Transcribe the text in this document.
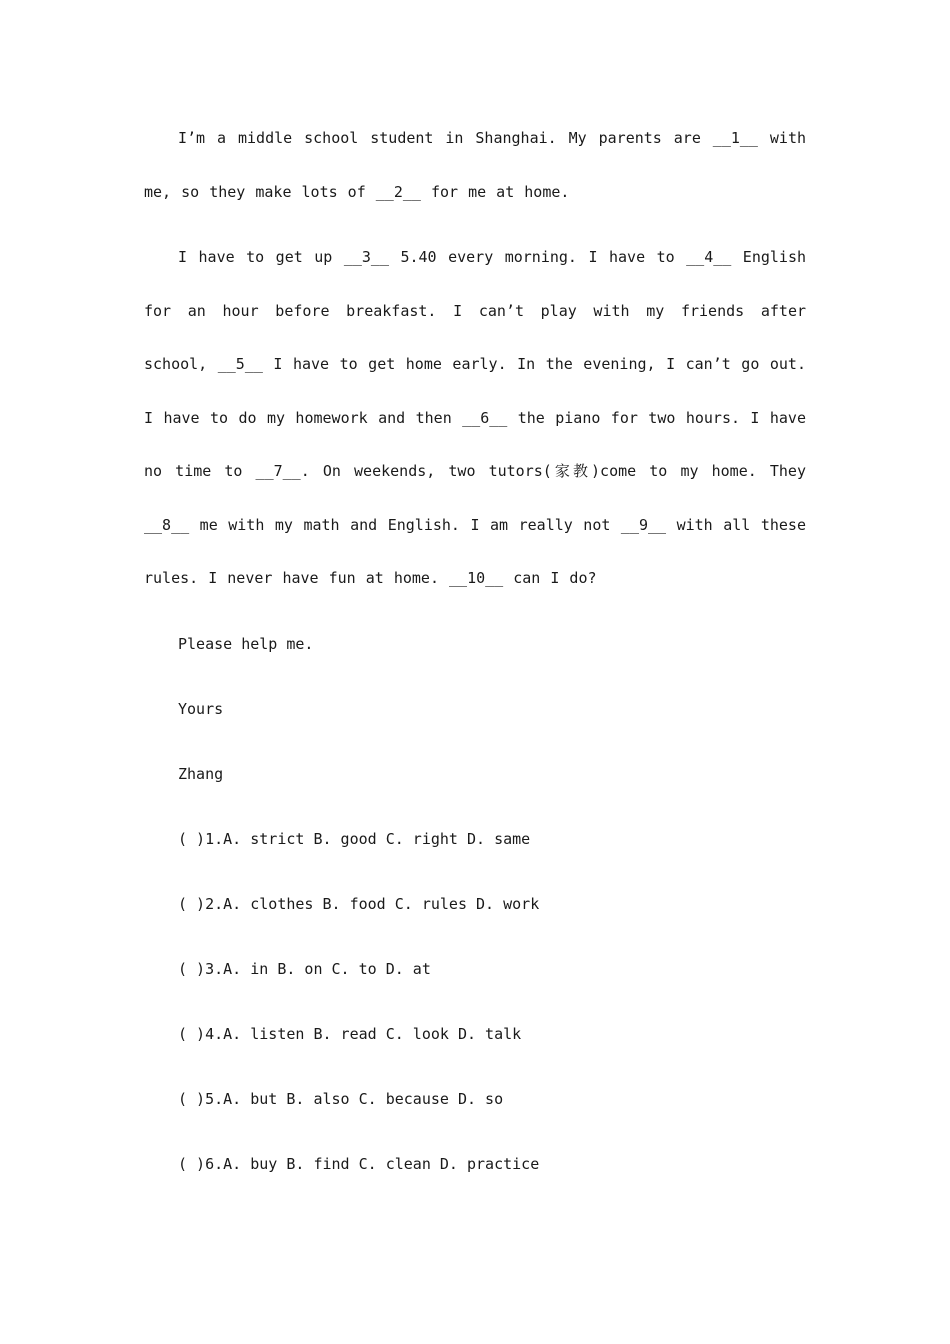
I’m a middle school student in Shanghai. My parents are __1__ with me, so they make lots of __2__ for me at home.

I have to get up __3__ 5.40 every morning. I have to __4__ English for an hour before breakfast. I can’t play with my friends after school, __5__ I have to get home early. In the evening, I can’t go out. I have to do my homework and then __6__ the piano for two hours. I have no time to __7__. On weekends, two tutors(家教)come to my home. They __8__ me with my math and English. I am really not __9__ with all these rules. I never have fun at home. __10__ can I do?

Please help me.

Yours

Zhang

( )1.A. strict B. good C. right D. same

( )2.A. clothes B. food C. rules D. work

( )3.A. in B. on C. to D. at

( )4.A. listen B. read C. look D. talk

( )5.A. but B. also C. because D. so

( )6.A. buy B. find C. clean D. practice
